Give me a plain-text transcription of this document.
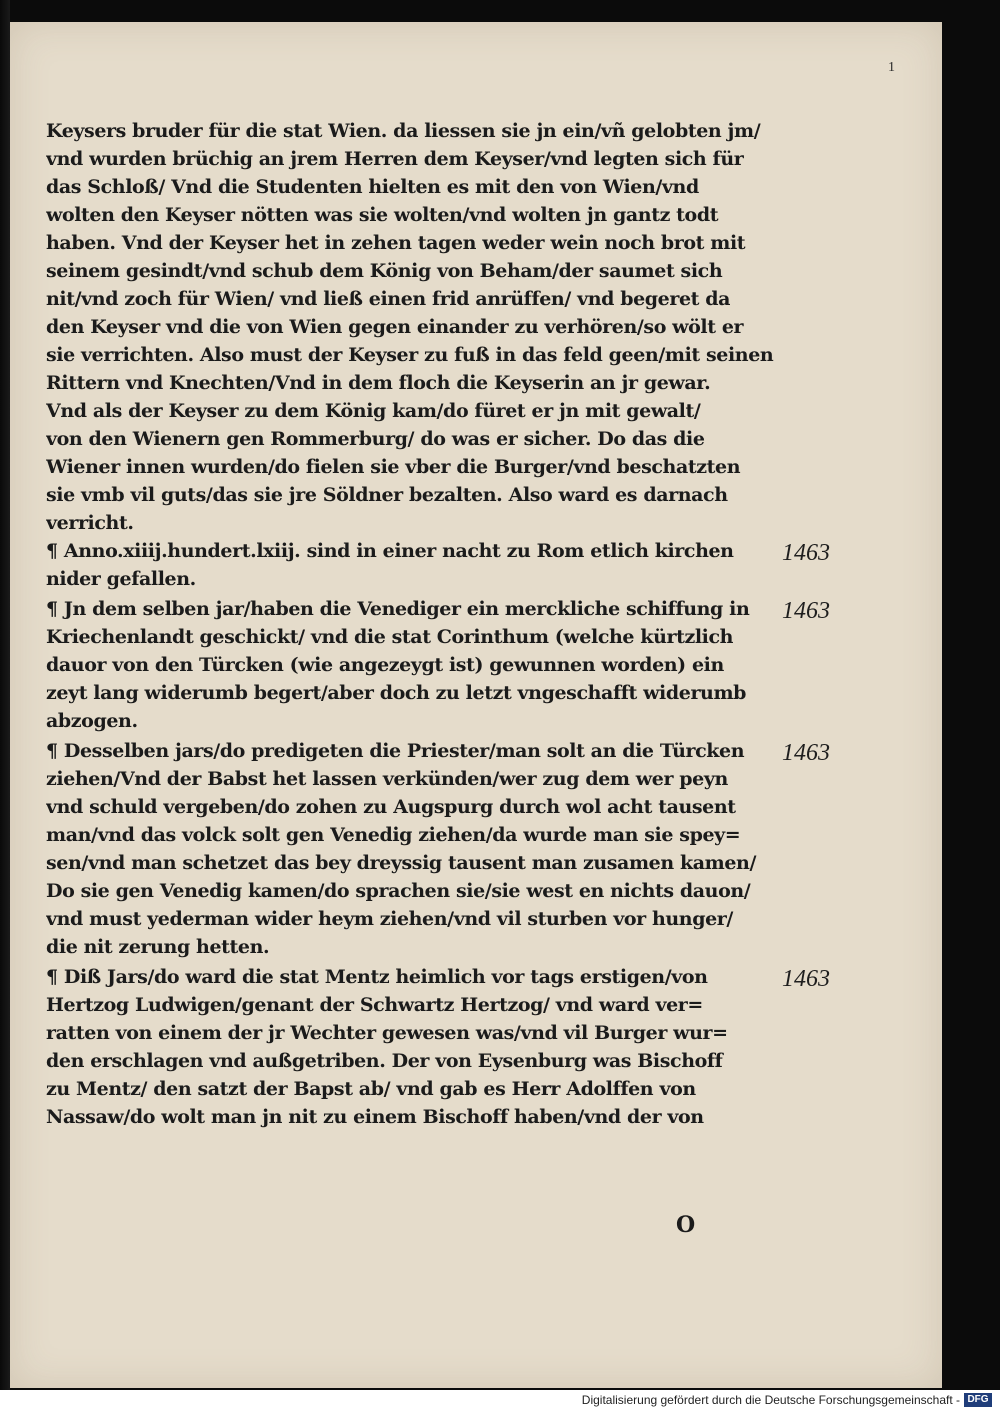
1
Keysers bruder für die stat Wien. da liessen sie jn ein/vñ gelobten jm/
vnd wurden brüchig an jrem Herren dem Keyser/vnd legten sich für
das Schloß/ Vnd die Studenten hielten es mit den von Wien/vnd
wolten den Keyser nötten was sie wolten/vnd wolten jn gantz todt
haben. Vnd der Keyser het in zehen tagen weder wein noch brot mit
seinem gesindt/vnd schub dem König von Beham/der saumet sich
nit/vnd zoch für Wien/ vnd ließ einen frid anrüffen/ vnd begeret da
den Keyser vnd die von Wien gegen einander zu verhören/so wölt er
sie verrichten. Also must der Keyser zu fuß in das feld geen/mit seinen
Rittern vnd Knechten/Vnd in dem floch die Keyserin an jr gewar.
Vnd als der Keyser zu dem König kam/do füret er jn mit gewalt/
von den Wienern gen Rommerburg/ do was er sicher. Do das die
Wiener innen wurden/do fielen sie vber die Burger/vnd beschatzten
sie vmb vil guts/das sie jre Söldner bezalten. Also ward es darnach
verricht.
¶ Anno.xiiij.hundert.lxiij. sind in einer nacht zu Rom etlich kirchen
nider gefallen.
¶ Jn dem selben jar/haben die Venediger ein merckliche schiffung in
Kriechenlandt geschickt/ vnd die stat Corinthum (welche kürtzlich
dauor von den Türcken (wie angezeygt ist) gewunnen worden) ein
zeyt lang widerumb begert/aber doch zu letzt vngeschafft widerumb
abzogen.
¶ Desselben jars/do predigeten die Priester/man solt an die Türcken
ziehen/Vnd der Babst het lassen verkünden/wer zug dem wer peyn
vnd schuld vergeben/do zohen zu Augspurg durch wol acht tausent
man/vnd das volck solt gen Venedig ziehen/da wurde man sie spey=
sen/vnd man schetzet das bey dreyssig tausent man zusamen kamen/
Do sie gen Venedig kamen/do sprachen sie/sie west en nichts dauon/
vnd must yederman wider heym ziehen/vnd vil sturben vor hunger/
die nit zerung hetten.
¶ Diß Jars/do ward die stat Mentz heimlich vor tags erstigen/von
Hertzog Ludwigen/genant der Schwartz Hertzog/ vnd ward ver=
ratten von einem der jr Wechter gewesen was/vnd vil Burger wur=
den erschlagen vnd außgetriben. Der von Eysenburg was Bischoff
zu Mentz/ den satzt der Bapst ab/ vnd gab es Herr Adolffen von
Nassaw/do wolt man jn nit zu einem Bischoff haben/vnd der von
1463
1463
1463
1463
O
Digitalisierung gefördert durch die Deutsche Forschungsgemeinschaft - DFG
